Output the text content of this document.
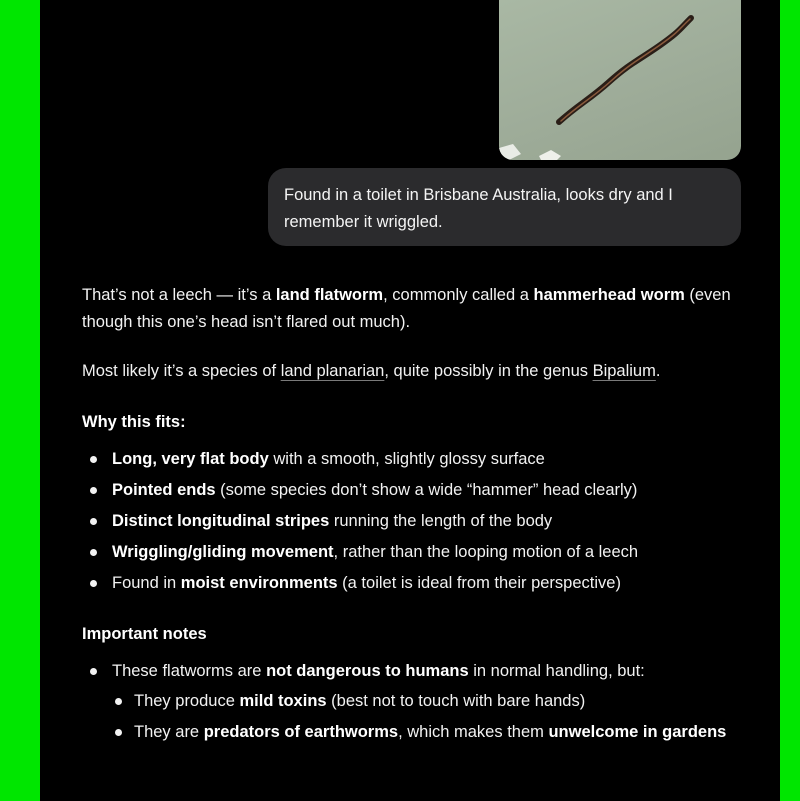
Found in a toilet in Brisbane Australia, looks dry and I remember it wriggled.

That’s not a leech — it’s a land flatworm, commonly called a hammerhead worm (even though this one’s head isn’t flared out much).

Most likely it’s a species of land planarian, quite possibly in the genus Bipalium.

Why this fits:

Long, very flat body with a smooth, slightly glossy surface
Pointed ends (some species don’t show a wide “hammer” head clearly)
Distinct longitudinal stripes running the length of the body
Wriggling/gliding movement, rather than the looping motion of a leech
Found in moist environments (a toilet is ideal from their perspective)

Important notes

These flatworms are not dangerous to humans in normal handling, but:
They produce mild toxins (best not to touch with bare hands)
They are predators of earthworms, which makes them unwelcome in gardens
